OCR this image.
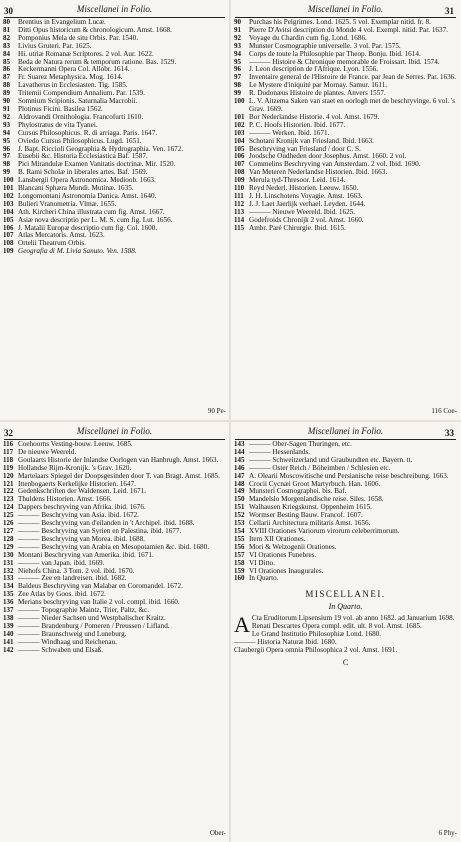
30	Miscellanei in Folio.
80	Brentius in Evangelium Lucæ.
81	Ditti Opus historicum & chronologicum. Amst. 1668.
82	Pomponius Mela de situ Orbis. Par. 1540.
83	Livius Gruteri. Par. 1625.
84	Hi. utriæ Romanæ Scriptores. 2 vol. Aur. 1622.
85	Beda de Natura rerum & temporum ratione. Bas. 1529.
86	Keckermanni Opera Col. Allobr. 1614.
87	Fr. Suarez Metaphysica. Mog. 1614.
88	Lavatherus in Ecclesiasten. Tig. 1585.
89	Tritemii Compendium Annalium. Par. 1539.
90	Somnium Scipionis. Saturnalia Macrobii.
91	Plotinus Ficini. Basilea 1562.
92	Aldrovandi Ornithologia. Francofurti 1610.
93	Phylostratus de vita Tyanei.
94	Cursus Philosophicus. R. di arriaga. Paris. 1647.
95	Oviedo Cursus Philosophicus. Lugd. 1651.
96	J. Bapt. Riccioli Geographia & Hydrographia. Ven. 1672.
97	Eusebii &c. Historia Ecclesiastica Baf. 1587.
98	Pici Mirandulæ Examen Vanitatis doctrinæ. Mir. 1520.
99	B. Rami Scholæ in liberales artes. Baf. 1569.
100 Lansbergii Opera Astronomica. Medioob. 1663.
101 Blancani Sphæra Mundi. Mutinæ. 1635.
102 Longomontani Astronomia Danica. Amst. 1640.
103 Bulieri Vranometria. Vlmæ. 1655.
104 Ath. Kircheri China illustrata cum fig. Amst. 1667.
105 Asiæ nova descriptio per L. M. S. cum fig. Lut. 1656.
106 J. Matalii Europæ descriptio cum fig. Col. 1600.
107 Atlas Mercatoris. Amst. 1623.
108 Ortelii Theatrum Orbis.
109 Geografia di M. Livia Sanuto. Ven. 1588.
90 Pe-
31
Miscellanei in Folio.
90	Purchas his Pelgrimes. Lond. 1625. 5 vol. Exemplar nitid. fr. 8.
91	Pierre D'Avitsi description du Monde 4 vol. Exempl. nitid. Par. 1637.
92	Voyage du Chardin cum fig. Lond. 1686.
93	Munster Cosmographie universelle. 3 vol. Par. 1575.
94	Corps de toute la Philosophie par Theop. Bonju. Ibid. 1614.
95	——— Histoire & Chronique memorable de Froissart. Ibid. 1574.
96	J. Leon description de l'Afrique. Lyon. 1556.
97	Inventaire general de l'Histoire de France. par Jean de Serres. Par. 1636.
98	Le Mystere d'iniquité par Mornay. Samur. 1611.
99	R. Dodonæus Histoire de plantes. Anvers 1557.
100 L. V. Aitzema Saken van staet en oorlogh met de beschryvinge. 6 vol. 's Grav. 1669.
101 Bor Nederlandse Historie. 4 vol. Amst. 1679.
102 P. C. Hoofs Historien. Ibid. 1677.
103 ——— Werken. Ibid. 1671.
104 Schotani Kronijk van Friesland. Ibid. 1663.
105 Beschryving van Friesland / door C. S.
106 Joodsche Oudheden door Josephus. Amst. 1660. 2 vol.
107 Commelins Beschryving van Amsterdam. 2 vol. Ibid. 1690.
108 Van Meteren Nederlandse Historien. Ibid. 1663.
109 Merula tyd-Thresoor. Leid. 1614.
110 Reyd Nederl. Historien. Leeuw. 1650.
111 J. H. Linschotens Voyagie. Amst. 1663.
112 J. J. Laet Jaerlijk verhael. Leyden. 1644.
113 ——— Nieuwe Weereld. Ibid. 1625.
114 Godefroids Chronijk 2 vol. Amst. 1660.
115 Ambr. Paré Chirurgie. Ibid. 1615.
116 Coe-
32	Miscellanei in Folio.
116 Coehoorns Vesting-bouw. Leeuw. 1685.
117 De nieuwe Weereld.
118 Goulaarts Historie der Inlandse Oorlogen van Hanbrugh. Amst. 1663.
119 Hollandse Rijm-Kronijk. 's Grav. 1620.
120 Martelaars Spiegel der Doopsgesinden door T. van Bragt. Amst. 1685.
121 Ittenbogaerts Kerkelijke Historien. 1647.
122 Gedenkschriften der Waldensen. Leid. 1671.
123 Thuldens Historien. Amst. 1666.
124 Dappers beschryving van Afrika. ibid. 1676.
125 ——— Beschryving van Asia. ibid. 1672.
126 ——— Beschryving van d'eilanden in 't Archipel. ibid. 1688.
127 ——— Beschryving van Syrien en Palestina. ibid. 1677.
128 ——— Beschryving van Morea. ibid. 1688.
129 ——— Beschryving van Arabia en Mesopotamien &c. ibid. 1680.
130 Montani Beschryving van Amerika. ibid. 1671.
131 ——— van Japan. ibid. 1669.
132 Niehofs China. 3 Tom. 2 vol. ibid. 1670.
133 ——— Zee en landreisen. ibid. 1682.
134 Baldeus Beschryving van Malabar en Coromandel. 1672.
135 Zee Atlas by Goos. ibid. 1672.
136 Merians beschryving van Italie 2 vol. compl. ibid. 1660.
137 ——— Topographie Maintz, Trier, Paltz, &c.
138 ——— Nieder Sachsen und Westphalischer Kraitz.
139 ——— Brandenburg / Pomeren / Preussen / Lifland.
140 ——— Braunschweig und Luneburg.
141 ——— Windhaag und Reichenau.
142 ——— Schwaben und Elsaß.
Ober-
33
Miscellanei in Folio.
143 ——— Ober-Sagen Thuringen, etc.
144 ——— Hessenlands.
145 ——— Schweitzerland und Graubundten etc. Bayern. tt.
146 ——— Oster Reich / Böheimben / Schlesien etc.
147 A. Olearii Moscowitische und Persianische reise beschreibung. 1663.
148 Crocii Cycnæi Groot Martyrbuch. Han. 1606.
149 Munsteri Cosmographei. bis. Baf.
150 Mandelslo Morgenlandische reise. Siles. 1658.
151 Walhausen Kriegskunst. Oppenheim 1615.
152 Wormser Besting Bauw. Francof. 1607.
153 Cellarii Architectura militaris Amst. 1656.
154 XVIII Orationes Variorum virorum celeberrimorum.
155 Item XII Orationes.
156 Mori & Welzogenii Orationes.
157 VI Orationes Funebres.
158 VI Ditto.
159 VI Orationes Inaugurales.
160 In Quarto.
MISCELLANEI.
In Quarto.
A Cta Eruditorum Lipsensium 19 vol. ab anno 1682. ad Januarium 1698.
Renati Descartes Opera compl. edit. ult. 8 vol. Amst. 1685.
Le Grand Institutio Philosophiæ Lond. 1680.
——— Historia Naturæ Ibid. 1680.
Claubergii Opera omnia Philosophica 2 vol. Amst. 1691.
C
6 Phy-
